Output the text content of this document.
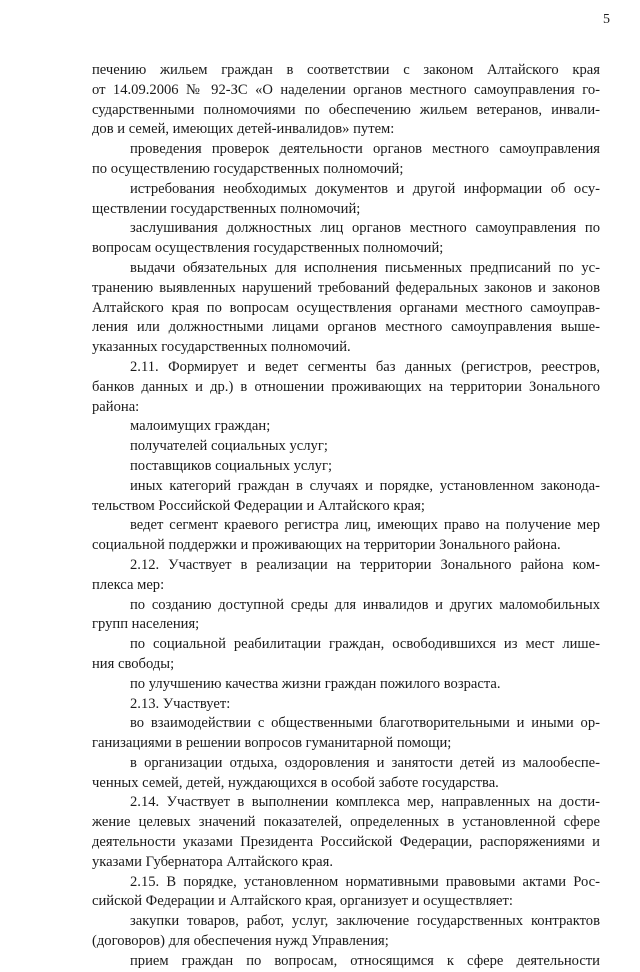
5
печению жильем граждан в соответствии с законом Алтайского края
от 14.09.2006 № 92-ЗС «О наделении органов местного самоуправления го-
сударственными полномочиями по обеспечению жильем ветеранов, инвали-
дов и семей, имеющих детей-инвалидов» путем:
проведения проверок деятельности органов местного самоуправления
по осуществлению государственных полномочий;
истребования необходимых документов и другой информации об осу-
ществлении государственных полномочий;
заслушивания должностных лиц органов местного самоуправления по
вопросам осуществления государственных полномочий;
выдачи обязательных для исполнения письменных предписаний по ус-
транению выявленных нарушений требований федеральных законов и законов
Алтайского края по вопросам осуществления органами местного самоуправ-
ления или должностными лицами органов местного самоуправления выше-
указанных государственных полномочий.
2.11. Формирует и ведет сегменты баз данных (регистров, реестров,
банков данных и др.) в отношении проживающих на территории Зонального
района:
малоимущих граждан;
получателей социальных услуг;
поставщиков социальных услуг;
иных категорий граждан в случаях и порядке, установленном законода-
тельством Российской Федерации и Алтайского края;
ведет сегмент краевого регистра лиц, имеющих право на получение мер
социальной поддержки и проживающих на территории Зонального района.
2.12. Участвует в реализации на территории Зонального района ком-
плекса мер:
по созданию доступной среды для инвалидов и других маломобильных
групп населения;
по социальной реабилитации граждан, освободившихся из мест лише-
ния свободы;
по улучшению качества жизни граждан пожилого возраста.
2.13. Участвует:
во взаимодействии с общественными благотворительными и иными ор-
ганизациями в решении вопросов гуманитарной помощи;
в организации отдыха, оздоровления и занятости детей из малообеспе-
ченных семей, детей, нуждающихся в особой заботе государства.
2.14. Участвует в выполнении комплекса мер, направленных на дости-
жение целевых значений показателей, определенных в установленной сфере
деятельности указами Президента Российской Федерации, распоряжениями и
указами Губернатора Алтайского края.
2.15. В порядке, установленном нормативными правовыми актами Рос-
сийской Федерации и Алтайского края, организует и осуществляет:
закупки товаров, работ, услуг, заключение государственных контрактов
(договоров) для обеспечения нужд Управления;
прием граждан по вопросам, относящимся к сфере деятельности
